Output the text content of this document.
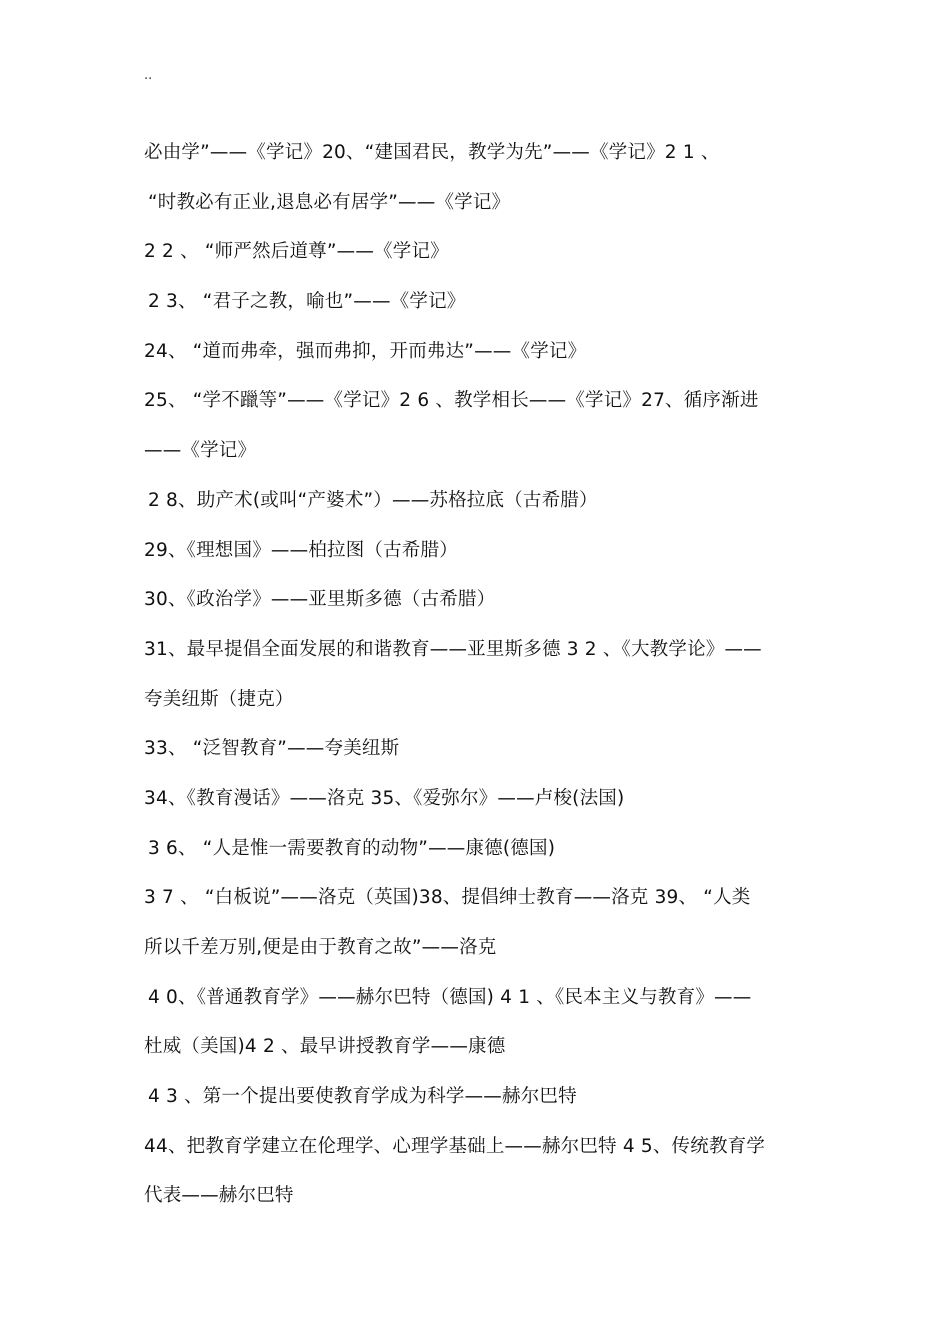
..
必由学”——《学记》20、“建国君民，教学为先”——《学记》2 1 、
“时教必有正业,退息必有居学”——《学记》
2 2 、 “师严然后道尊”——《学记》
2 3、 “君子之教，喻也”——《学记》
24、 “道而弗牵，强而弗抑，开而弗达”——《学记》
25、 “学不躐等”——《学记》2 6 、教学相长——《学记》27、循序渐进
——《学记》
2 8、助产术(或叫“产婆术”）——苏格拉底（古希腊）
29、《理想国》——柏拉图（古希腊）
30、《政治学》——亚里斯多德（古希腊）
31、最早提倡全面发展的和谐教育——亚里斯多德 3 2 、《大教学论》——
夸美纽斯（捷克）
33、 “泛智教育”——夸美纽斯
34、《教育漫话》——洛克 35、《爱弥尔》——卢梭(法国)
3 6、 “人是惟一需要教育的动物”——康德(德国)
3 7 、 “白板说”——洛克（英国)38、提倡绅士教育——洛克 39、 “人类
所以千差万别,便是由于教育之故”——洛克
4 0、《普通教育学》——赫尔巴特（德国) 4 1 、《民本主义与教育》——
杜威（美国)4 2 、最早讲授教育学——康德
4 3 、第一个提出要使教育学成为科学——赫尔巴特
44、把教育学建立在伦理学、心理学基础上——赫尔巴特 4 5、传统教育学
代表——赫尔巴特
